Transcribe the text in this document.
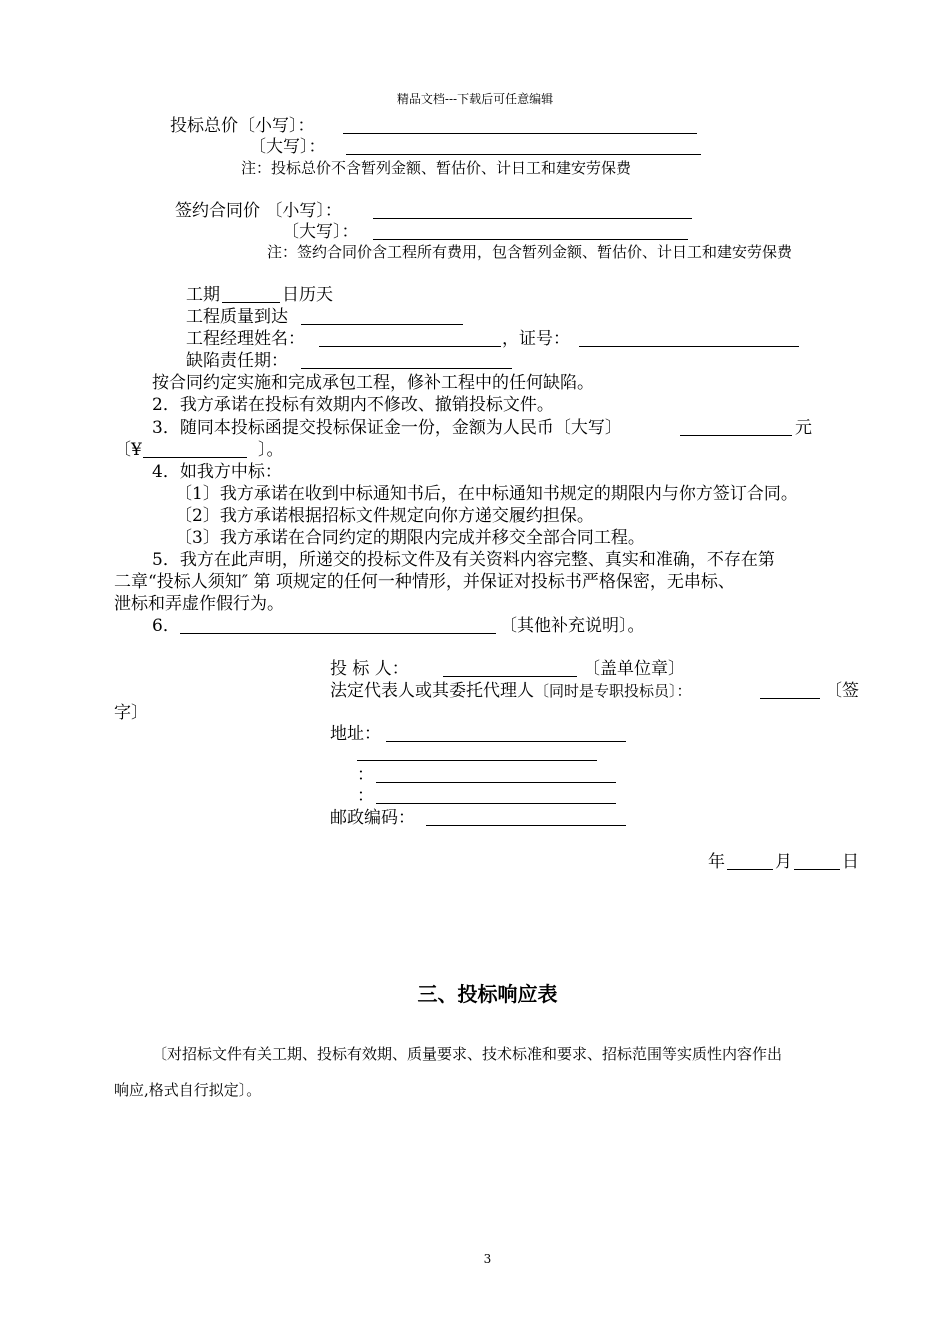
精品文档---下载后可任意编辑
投标总价〔小写〕：
〔大写〕：
注：投标总价不含暂列金额、暂估价、计日工和建安劳保费
签约合同价 〔小写〕：
〔大写〕：
注：签约合同价含工程所有费用，包含暂列金额、暂估价、计日工和建安劳保费
工期	日历天
工程质量到达
工程经理姓名：	，证号：
缺陷责任期：
按合同约定实施和完成承包工程，修补工程中的任何缺陷。
2．我方承诺在投标有效期内不修改、撤销投标文件。
3．随同本投标函提交投标保证金一份，金额为人民币〔大写〕	元
〔¥	〕。
4．如我方中标：
〔1〕我方承诺在收到中标通知书后，在中标通知书规定的期限内与你方签订合同。
〔2〕我方承诺根据招标文件规定向你方递交履约担保。
〔3〕我方承诺在合同约定的期限内完成并移交全部合同工程。
5．我方在此声明，所递交的投标文件及有关资料内容完整、真实和准确，不存在第
二章“投标人须知″ 第 项规定的任何一种情形，并保证对投标书严格保密，无串标、
泄标和弄虚作假行为。
6．	〔其他补充说明〕。
投 标 人：	〔盖单位章〕
法定代表人或其委托代理人〔同时是专职投标员〕：	〔签
字〕
地址：
：
：
邮政编码：
年	月	日
三、投标响应表
〔对招标文件有关工期、投标有效期、质量要求、技术标准和要求、招标范围等实质性内容作出
响应,格式自行拟定〕。
3
